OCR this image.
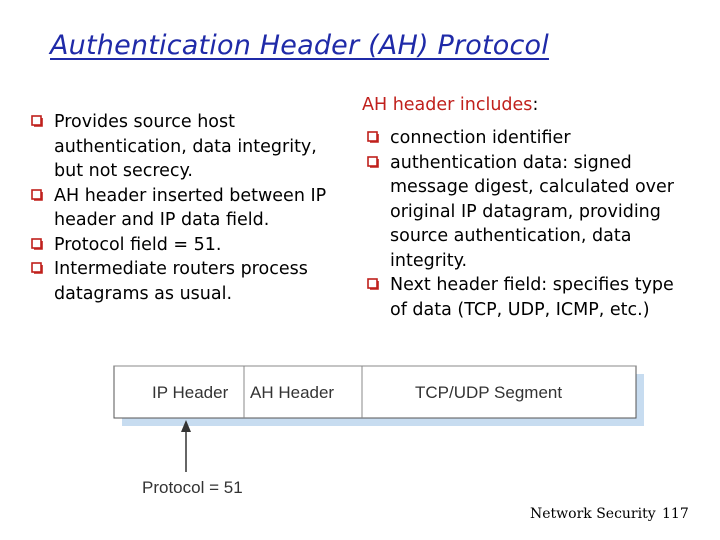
Authentication Header (AH) Protocol
Provides source host authentication, data integrity, but not secrecy.
AH header inserted between IP header and IP data field.
Protocol field = 51.
Intermediate routers process datagrams as usual.
AH header includes:
connection identifier
authentication data: signed message digest, calculated over original IP datagram, providing source authentication, data integrity.
Next header field: specifies type of data (TCP, UDP, ICMP, etc.)
IP Header AH Header	TCP/UDP Segment
Protocol = 51
Network Security 117
